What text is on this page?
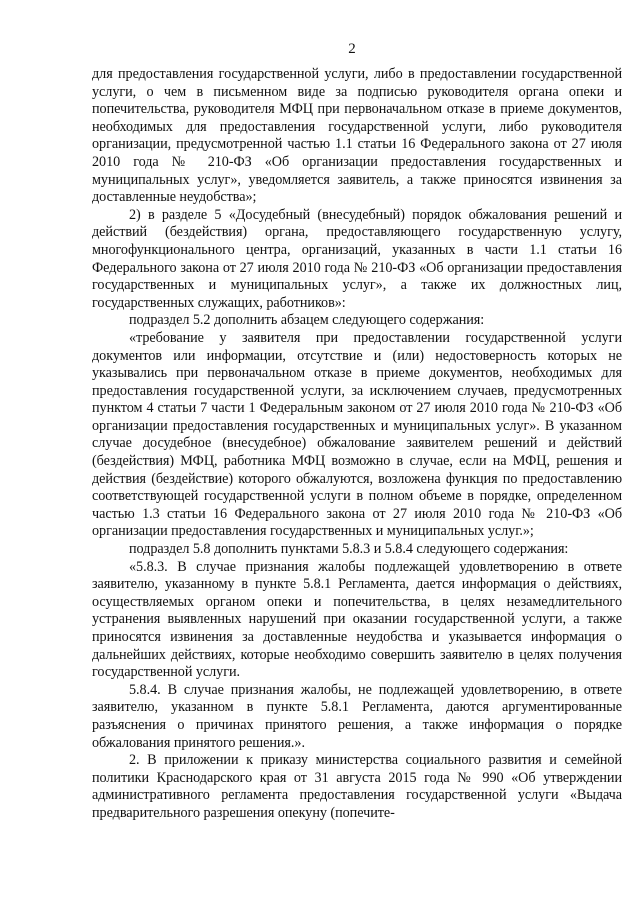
2

для предоставления государственной услуги, либо в предоставлении государственной услуги, о чем в письменном виде за подписью руководителя органа опеки и попечительства, руководителя МФЦ при первоначальном отказе в приеме документов, необходимых для предоставления государственной услуги, либо руководителя организации, предусмотренной частью 1.1 статьи 16 Федерального закона от 27 июля 2010 года № 210-ФЗ «Об организации предоставления государственных и муниципальных услуг», уведомляется заявитель, а также приносятся извинения за доставленные неудобства»;

2) в разделе 5 «Досудебный (внесудебный) порядок обжалования решений и действий (бездействия) органа, предоставляющего государственную услугу, многофункционального центра, организаций, указанных в части 1.1 статьи 16 Федерального закона от 27 июля 2010 года № 210-ФЗ «Об организации предоставления государственных и муниципальных услуг», а также их должностных лиц, государственных служащих, работников»:

подраздел 5.2 дополнить абзацем следующего содержания:

«требование у заявителя при предоставлении государственной услуги документов или информации, отсутствие и (или) недостоверность которых не указывались при первоначальном отказе в приеме документов, необходимых для предоставления государственной услуги, за исключением случаев, предусмотренных пунктом 4 статьи 7 части 1 Федеральным законом от 27 июля 2010 года № 210-ФЗ «Об организации предоставления государственных и муниципальных услуг». В указанном случае досудебное (внесудебное) обжалование заявителем решений и действий (бездействия) МФЦ, работника МФЦ возможно в случае, если на МФЦ, решения и действия (бездействие) которого обжалуются, возложена функция по предоставлению соответствующей государственной услуги в полном объеме в порядке, определенном частью 1.3 статьи 16 Федерального закона от 27 июля 2010 года № 210-ФЗ «Об организации предоставления государственных и муниципальных услуг.»;

подраздел 5.8 дополнить пунктами 5.8.3 и 5.8.4 следующего содержания:

«5.8.3. В случае признания жалобы подлежащей удовлетворению в ответе заявителю, указанному в пункте 5.8.1 Регламента, дается информация о действиях, осуществляемых органом опеки и попечительства, в целях незамедлительного устранения выявленных нарушений при оказании государственной услуги, а также приносятся извинения за доставленные неудобства и указывается информация о дальнейших действиях, которые необходимо совершить заявителю в целях получения государственной услуги.

5.8.4. В случае признания жалобы, не подлежащей удовлетворению, в ответе заявителю, указанном в пункте 5.8.1 Регламента, даются аргументированные разъяснения о причинах принятого решения, а также информация о порядке обжалования принятого решения.».

2. В приложении к приказу министерства социального развития и семейной политики Краснодарского края от 31 августа 2015 года № 990 «Об утверждении административного регламента предоставления государственной услуги «Выдача предварительного разрешения опекуну (попечите-
